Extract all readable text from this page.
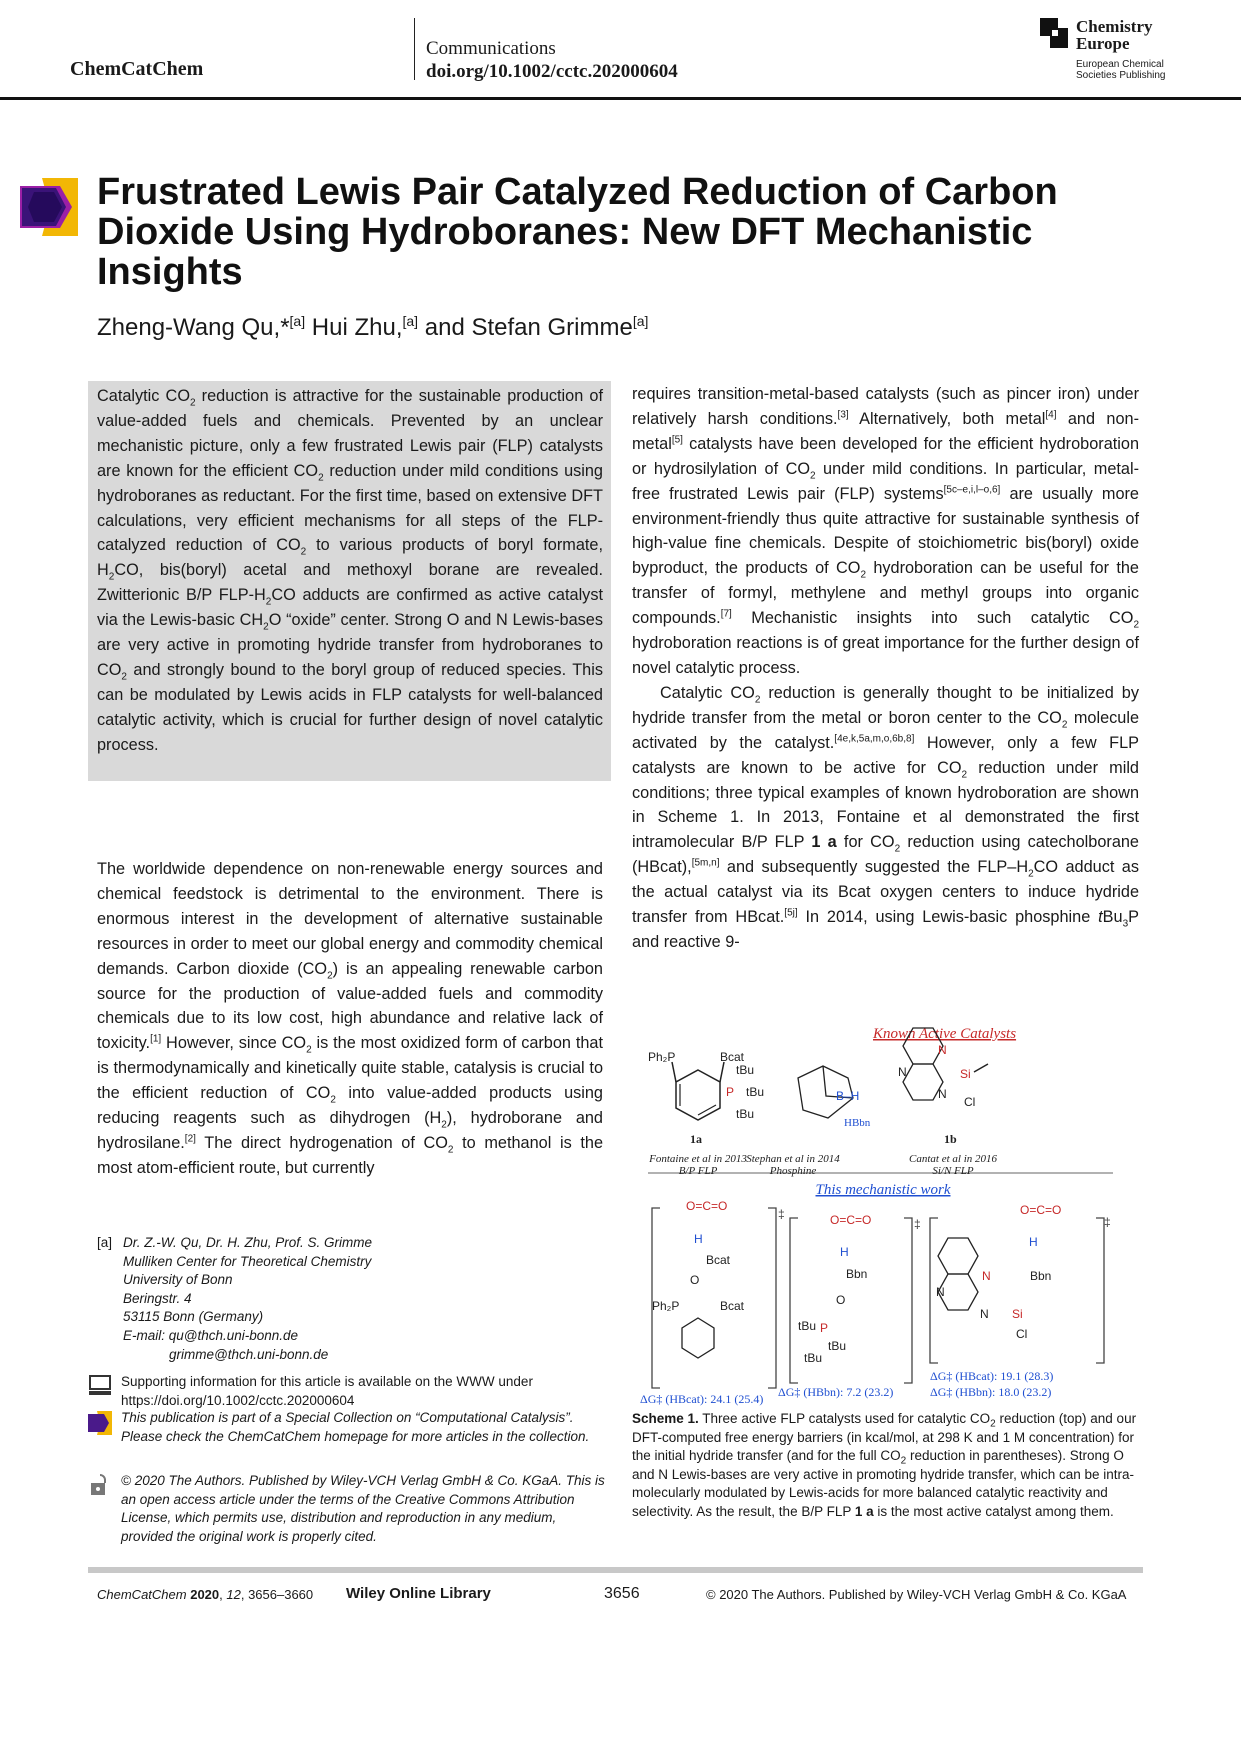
ChemCatChem
Communications
doi.org/10.1002/cctc.202000604
Chemistry
Europe
European Chemical
Societies Publishing
Frustrated Lewis Pair Catalyzed Reduction of Carbon Dioxide Using Hydroboranes: New DFT Mechanistic Insights
Zheng-Wang Qu,*[a] Hui Zhu,[a] and Stefan Grimme[a]
Catalytic $CO_2$ reduction is attractive for the sustainable production of value-added fuels and chemicals. Prevented by an unclear mechanistic picture, only a few frustrated Lewis pair (FLP) catalysts are known for the efficient $CO_2$ reduction under mild conditions using hydroboranes as reductant. For the first time, based on extensive DFT calculations, very efficient mechanisms for all steps of the FLP-catalyzed reduction of $CO_2$ to various products of boryl formate, $H_2CO$, bis(boryl) acetal and methoxyl borane are revealed. Zwitterionic B/P FLP-$H_2CO$ adducts are confirmed as active catalyst via the Lewis-basic $CH_2O$ “oxide” center. Strong O and N Lewis-bases are very active in promoting hydride transfer from hydroboranes to $CO_2$ and strongly bound to the boryl group of reduced species. This can be modulated by Lewis acids in FLP catalysts for well-balanced catalytic activity, which is crucial for further design of novel catalytic process.

The worldwide dependence on non-renewable energy sources and chemical feedstock is detrimental to the environment. There is enormous interest in the development of alternative sustainable resources in order to meet our global energy and commodity chemical demands. Carbon dioxide $(CO_2)$ is an appealing renewable carbon source for the production of value-added fuels and commodity chemicals due to its low cost, high abundance and relative lack of toxicity.[1] However, since $CO_2$ is the most oxidized form of carbon that is thermodynamically and kinetically quite stable, catalysis is crucial to the efficient reduction of $CO_2$ into value-added products using reducing reagents such as dihydrogen $(H_2)$, hydroborane and hydrosilane.[2] The direct hydrogenation of $CO_2$ to methanol is the most atom-efficient route, but currently

[a] Dr. Z.-W. Qu, Dr. H. Zhu, Prof. S. Grimme
Mulliken Center for Theoretical Chemistry
University of Bonn
Beringstr. 4
53115 Bonn (Germany)
E-mail: qu@thch.uni-bonn.de
grimme@thch.uni-bonn.de
Supporting information for this article is available on the WWW under https://doi.org/10.1002/cctc.202000604
This publication is part of a Special Collection on “Computational Catalysis”. Please check the ChemCatChem homepage for more articles in the collection.
© 2020 The Authors. Published by Wiley-VCH Verlag GmbH & Co. KGaA. This is an open access article under the terms of the Creative Commons Attribution License, which permits use, distribution and reproduction in any medium, provided the original work is properly cited.

requires transition-metal-based catalysts (such as pincer iron) under relatively harsh conditions.[3] Alternatively, both metal[4] and non-metal[5] catalysts have been developed for the efficient hydroboration or hydrosilylation of $CO_2$ under mild conditions. In particular, metal-free frustrated Lewis pair (FLP) systems[5c–e,i,l–o,6] are usually more environment-friendly thus quite attractive for sustainable synthesis of high-value fine chemicals. Despite of stoichiometric bis(boryl) oxide byproduct, the products of $CO_2$ hydroboration can be useful for the transfer of formyl, methylene and methyl groups into organic compounds.[7] Mechanistic insights into such catalytic $CO_2$ hydroboration reactions is of great importance for the further design of novel catalytic process.

Catalytic $CO_2$ reduction is generally thought to be initialized by hydride transfer from the metal or boron center to the $CO_2$ molecule activated by the catalyst.[4e,k,5a,m,o,6b,8] However, only a few FLP catalysts are known to be active for $CO_2$ reduction under mild conditions; three typical examples of known hydroboration are shown in Scheme 1. In 2013, Fontaine et al demonstrated the first intramolecular B/P FLP 1 a for $CO_2$ reduction using catecholborane (HBcat),[5m,n] and subsequently suggested the FLP–$H_2CO$ adduct as the actual catalyst via its Bcat oxygen centers to induce hydride transfer from HBcat.[5j] In 2014, using Lewis-basic phosphine tBu$_3$P and reactive 9-

Known Active Catalysts
This mechanistic work
Ph₂P	Bcat
1a
Fontaine et al in 2013
B/P FLP
tBu
P tBu
tBu
B–H
HBbn
Stephan et al in 2014
Phosphine
N
N
N
Si
Cl
1b
Cantat et al in 2016
Si/N FLP
‡
O=C=O
H
Bcat
O
Ph₂P	Bcat
ΔG‡ (HBcat): 24.1 (25.4)
‡
O=C=O
H
Bbn
O
tBu P
tBu
tBu
ΔG‡ (HBbn): 7.2 (23.2)
‡
O=C=O
H
N	Bbn
N
N Si
Cl
ΔG‡ (HBcat): 19.1 (28.3)
ΔG‡ (HBbn): 18.0 (23.2)
Scheme 1. Three active FLP catalysts used for catalytic $CO_2$ reduction (top) and our DFT-computed free energy barriers (in kcal/mol, at 298 K and 1 M concentration) for the initial hydride transfer (and for the full $CO_2$ reduction in parentheses). Strong O and N Lewis-bases are very active in promoting hydride transfer, which can be intra-molecularly modulated by Lewis-acids for more balanced catalytic reactivity and selectivity. As the result, the B/P FLP 1 a is the most active catalyst among them.
ChemCatChem 2020, 12, 3656–3660 Wiley Online Library	3656	© 2020 The Authors. Published by Wiley-VCH Verlag GmbH & Co. KGaA
